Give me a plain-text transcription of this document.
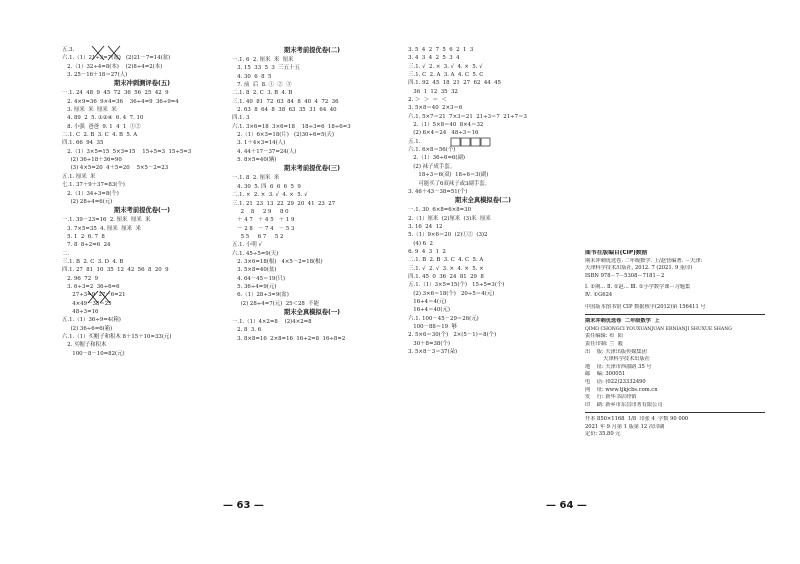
五.3.
六.1.（1）21÷3=7(盆)   (2)21－7=14(盆)
2.（1）32÷4=8(本)    (2)8÷4=2(本)
3. 25－16＋18＝27(人)
期末冲刺测评卷(五)
一.1. 24  48  9  45  72  36  56  25  42  9
2. 4×9=36  9×4=36    36÷4=9  36÷9=4
3. 厘米  米  厘米  米
4. 89  2  5. ①②④  6. 4  7. 10
8. 小强  爸爸  9. 1  4  1  ①②
二.1. C  2. B  3. C  4. B  5. A
四.1. 66  94  35
2.（1）3×5=15  5×3=15    15÷5=3  15÷5=3
(2) 36÷18＋36=90
(3) 4×5=20  4＋5=20    5×5－2=23
五.1. 厘米  米
七.1. 37＋9＋37=83(个)
2.（1）34÷3=8(个)
(2) 28÷4=6(元)
期末考前提优卷(一)
一.1. 39－23=16  2. 厘米  厘米  米
3. 7×5=35  4. 厘米  厘米  米
5. 1  2  6. 7  8
7. 8  8÷2=6  24
二.
三.1. B  2. C  3. D  4. B
四.1. 27  81  10  35  12  42  56  8  20  9
2. 96  72  9
3. 6÷3=2  36÷6=6
27÷3=9  27－6=21
4×49－38＝25
48÷3=16
五.1.（1）36÷9=4(箱)
(2) 36÷6=6(箱)
六.1.（1）买帽子和积木 8＋15＋10=33(元)
2. 买帽子和积木
100－8－10=82(元)
期末考前提优卷(二)
一.1. 6  2. 厘米  米  厘米
3. 15  33  5  3  三五十五
4. 30  6  8  5
7. 前  后  8. ①  ②  ③
二.1. 8  2. C  3. B  4. B
三.1. 40  81  72  63  84  8  40  4  72  36
2. 63  8  64  8  38  63  35  31  64  40
四.1. 3
六.1. 3×6=18  3×6=18    18÷3=6  18÷6=3
2.（1）6×3=18(片)   (2)30÷6=5(天)
3. 1＋4×3=14(人)
4. 44＋17－37=24(人)
5. 8×5=40(辆)
期末考前提优卷(三)
一.1. 8  2. 厘米  米
4. 30  5. 四  6  6  6  5  9
二.1. ×  2. ×  3. √  4. ×  5. √
三.1. 21  23  13  22  29  20  41  23  27
2    8     2 9     8 0
＋ 4 7   ＋ 4 5   ＋ 1 9
－ 2 8   － 7 4   － 5 3
5 5     6 7     5 2
五.1. 小明 √
六.1. 45÷5=9(天)
2. 3×6=18(根)   4×5－2=18(根)
3. 5×8=40(盆)
4. 64－45＝19(只)
5. 36÷4=9(元)
6.（1）28÷3=9(盆)
(2) 28÷4=7(元)  25＜28  不能
期末全真模拟卷(一)
一.1.（1）4×2=8    (2)4×2=8
2. 8  3. 6
3. 8×8=16  2×8=16  16÷2=8  16÷8=2
3. 5  4  2  7  5  6  2  1  3
3. 4  3  4  2  5  3  4
三.1. √  2. ×  3. √  4. ×  5. √
三.1. C  2. A  3. A  4. C  5. C
四.1. 92  45  18  21  27  62  44  45
36  1  12  35  32
2. ＞  ＞  ＝  ＜
3. 5×8＝40  2×3＝6
六.1. 5×7＝21  7×3＝21  21÷3＝7  21÷7＝3
2.（1）5×8＝40  8×4＝32
(2) 6×4＝24   48÷3＝16
五.1.
六.1. 6×8＝56(个)
2.（1）36÷6=6(副)
(2) 袜子成手套。
18÷3＝6(双)  18÷6＝3(副)
可能买了6双袜子或3副手套。
3. 46＋43－38=51(个)
期末全真模拟卷(二)
一.1. 30  6×8=6×8=30
2.（1）厘米  (2)厘米  (3)米  厘米
3. 16  24  12
5.（1）9×6＝20  (2)①②  (3)2
(4) 6  2
6. 9  4  3  1  2
二.1. B  2. B  3. C  4. C  5. A
三.1. √  2. √  3. ×  4. ×  5. ×
四.1. 45  0  36  24  81  29  8
五.1.（1）3×5=15(个)   15÷5=3(个)
(2) 3×6＝18(个)   20÷5＝4(元)
16÷4＝4(元)
16÷4＝40(元)
六.1. 100－45－29＝26(元)
100－88＝19  够
2. 5×6＝30(个)   2×(5－1)＝8(个)
30＋8=38(个)
3. 5×8－3＝37(朵)
图书在版编目(CIP)数据
期末冲刺优选卷. 二年级数学. 上/赵营编著. －天津:
天津科学技术出版社, 2012. 7 (2021. 9 重印)
ISBN 978－7－5308－7181－2
Ⅰ. ①期… Ⅱ. ①赵… Ⅲ. ①小学数学课－习题集
Ⅳ. ①G624
中国版本图书馆 CIP 数据核字(2012)第 156411 号
期末冲刺优选卷  二年级数学  上
QIMO CHONGCI YOUXUANJUAN ERNIANJI SHUXUE SHANG
责任编辑: 布  阳
责任印制: 兰  毅
出    版: 天津出版传媒集团
天津科学技术出版社
地    址: 天津市西康路 35 号
邮    编: 300051
电    话: (022)23332490
网    址: www.tjkjcbs.com.cn
发    行: 新华书店经销
印    刷: 新乡市东昌印务有限公司
开本 850×1168  1/8  印张 4  字数 90 000
2021 年 9 月第 1 版第 12 次印刷
定价: 35.80 元
— 63 —	— 64 —
